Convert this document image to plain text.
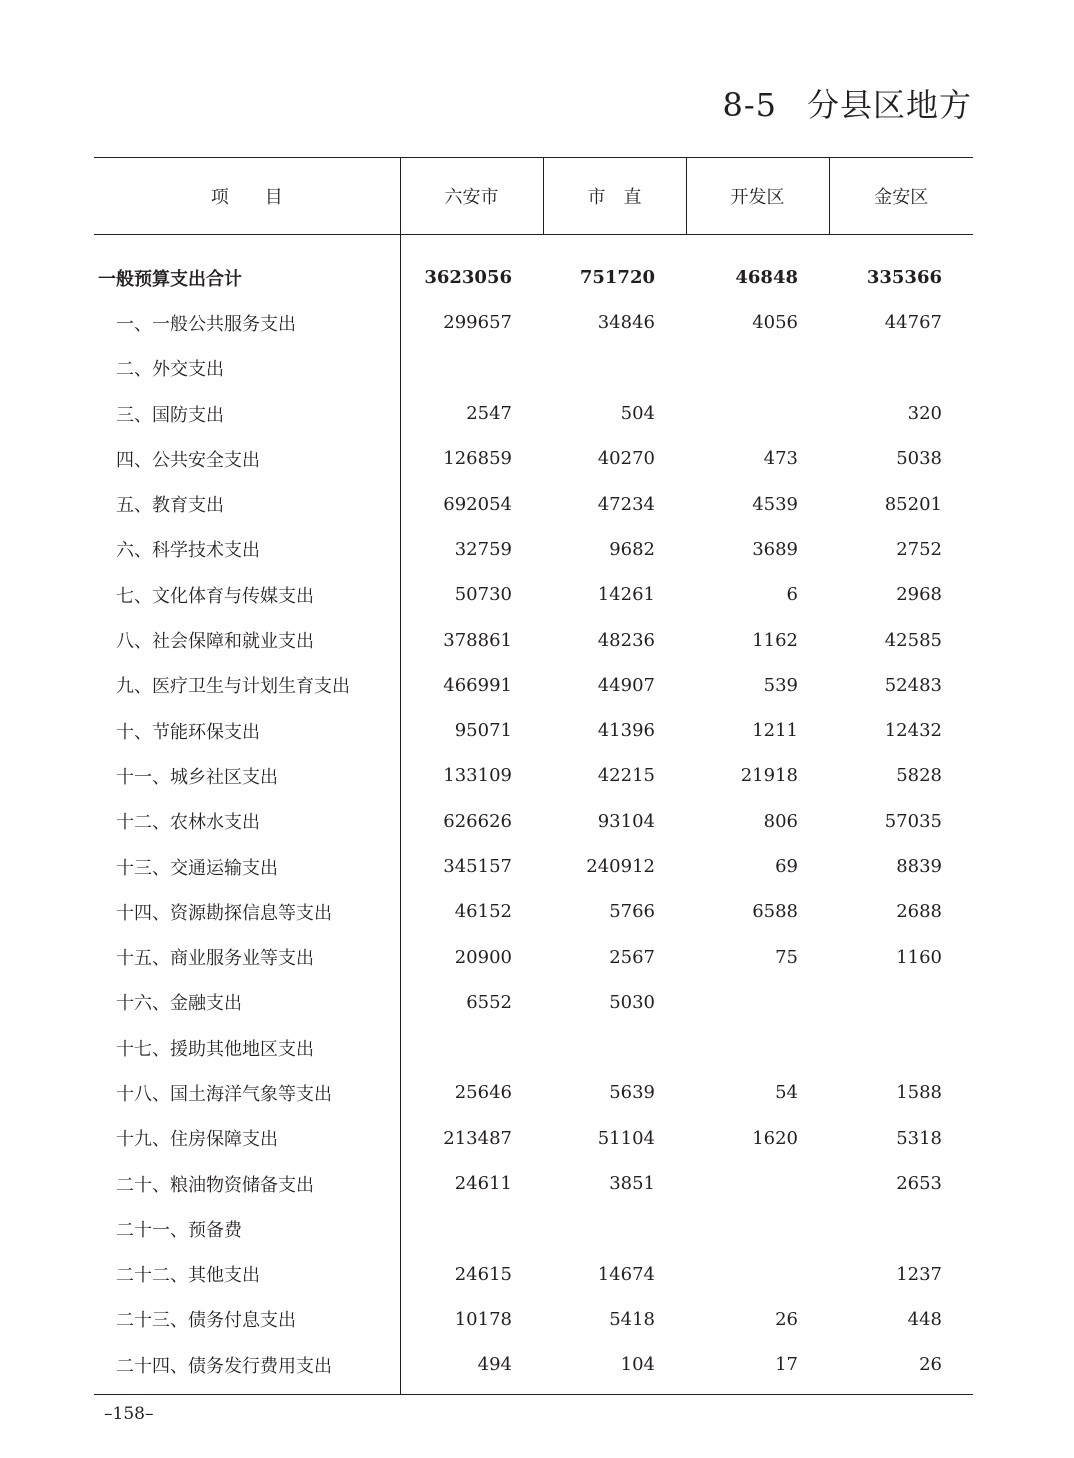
8-5 分县区地方
项　　目	六安市	市　直	开发区	金安区
一般预算支出合计	3623056	751720	46848	335366
一、一般公共服务支出	299657	34846	4056	44767
二、外交支出				
三、国防支出	2547	504		320
四、公共安全支出	126859	40270	473	5038
五、教育支出	692054	47234	4539	85201
六、科学技术支出	32759	9682	3689	2752
七、文化体育与传媒支出	50730	14261	6	2968
八、社会保障和就业支出	378861	48236	1162	42585
九、医疗卫生与计划生育支出	466991	44907	539	52483
十、节能环保支出	95071	41396	1211	12432
十一、城乡社区支出	133109	42215	21918	5828
十二、农林水支出	626626	93104	806	57035
十三、交通运输支出	345157	240912	69	8839
十四、资源勘探信息等支出	46152	5766	6588	2688
十五、商业服务业等支出	20900	2567	75	1160
十六、金融支出	6552	5030		
十七、援助其他地区支出				
十八、国土海洋气象等支出	25646	5639	54	1588
十九、住房保障支出	213487	51104	1620	5318
二十、粮油物资储备支出	24611	3851		2653
二十一、预备费				
二十二、其他支出	24615	14674		1237
二十三、债务付息支出	10178	5418	26	448
二十四、债务发行费用支出	494	104	17	26
–158–
